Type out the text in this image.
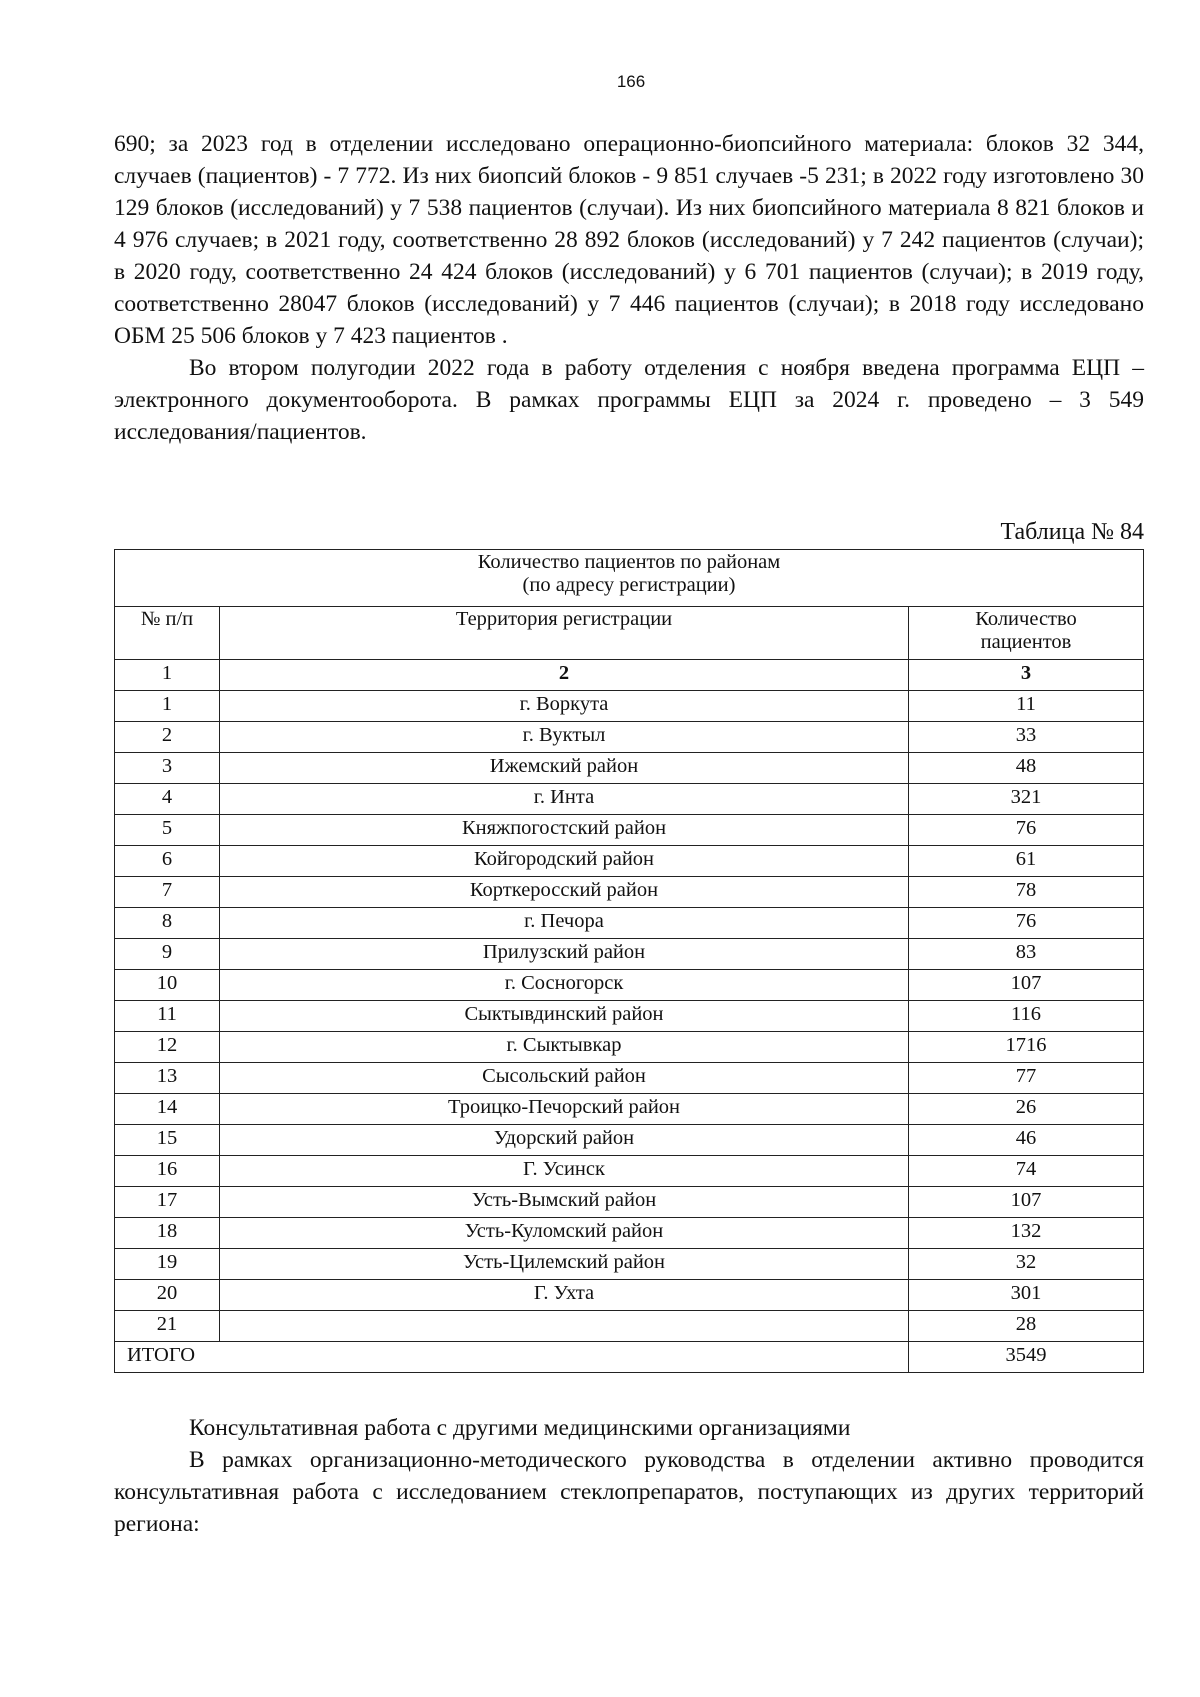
166

690; за 2023 год в отделении исследовано операционно-биопсийного материала: блоков 32 344, случаев (пациентов) - 7 772. Из них биопсий блоков - 9 851 случаев -5 231; в 2022 году изготовлено 30 129 блоков (исследований) у 7 538 пациентов (случаи). Из них биопсийного материала 8 821 блоков и 4 976 случаев; в 2021 году, соответственно 28 892 блоков (исследований) у 7 242 пациентов (случаи); в 2020 году, соответственно 24 424 блоков (исследований) у 6 701 пациентов (случаи); в 2019 году, соответственно 28047 блоков (исследований) у 7 446 пациентов (случаи); в 2018 году исследовано ОБМ 25 506 блоков у 7 423 пациентов .

Во втором полугодии 2022 года в работу отделения с ноября введена программа ЕЦП – электронного документооборота. В рамках программы ЕЦП за 2024 г. проведено – 3 549 исследования/пациентов.

Таблица № 84
Количество пациентов по районам
(по адресу регистрации)		

№ п/п	Территория регистрации	Количество
пациентов

1	2	3
1	г. Воркута	11
2	г. Вуктыл	33
3	Ижемский район	48
4	г. Инта	321
5	Княжпогостский район	76
6	Койгородский район	61
7	Корткеросский район	78
8	г. Печора	76
9	Прилузский район	83
10	г. Сосногорск	107
11	Сыктывдинский район	116
12	г. Сыктывкар	1716
13	Сысольский район	77
14	Троицко-Печорский район	26
15	Удорский район	46
16	Г. Усинск	74
17	Усть-Вымский район	107
18	Усть-Куломский район	132
19	Усть-Цилемский район	32
20	Г. Ухта	301
21		28
ИТОГО		3549

Консультативная работа с другими медицинскими организациями

В рамках организационно-методического руководства в отделении активно проводится консультативная работа с исследованием стеклопрепаратов, поступающих из других территорий региона:
